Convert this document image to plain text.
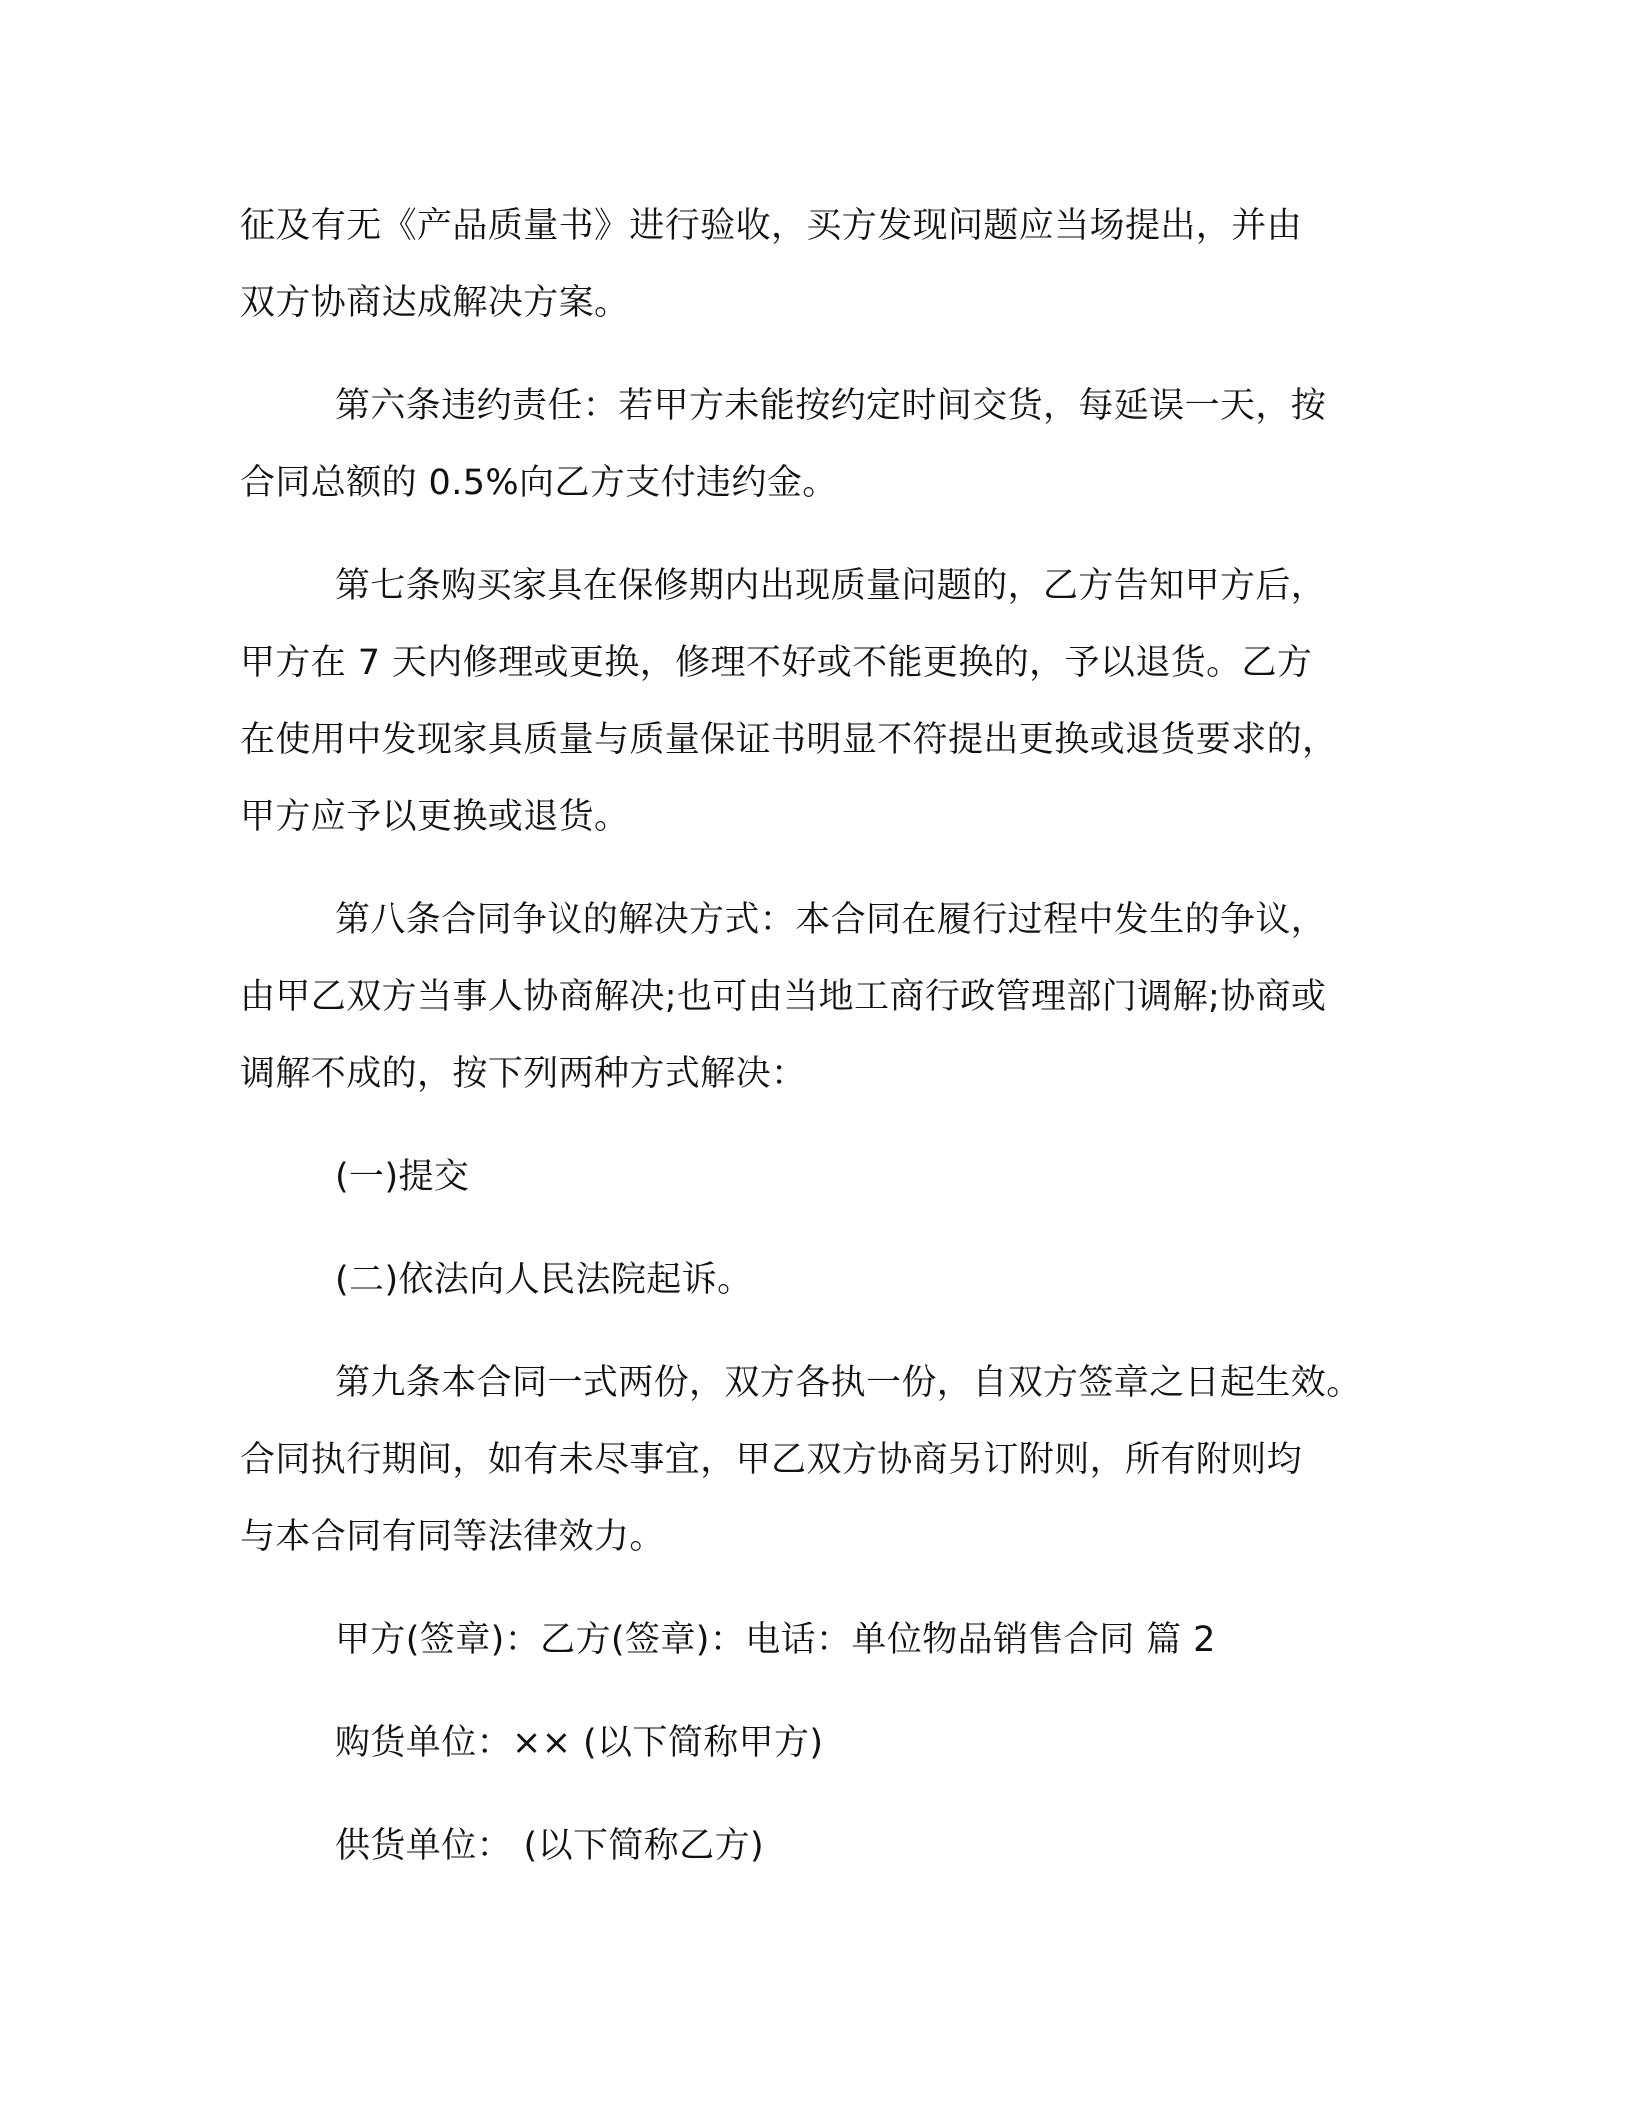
征及有无《产品质量书》进行验收，买方发现问题应当场提出，并由
双方协商达成解决方案。

第六条违约责任：若甲方未能按约定时间交货，每延误一天，按
合同总额的 0.5%向乙方支付违约金。

第七条购买家具在保修期内出现质量问题的，乙方告知甲方后，
甲方在 7 天内修理或更换，修理不好或不能更换的，予以退货。乙方
在使用中发现家具质量与质量保证书明显不符提出更换或退货要求的，
甲方应予以更换或退货。

第八条合同争议的解决方式：本合同在履行过程中发生的争议，
由甲乙双方当事人协商解决;也可由当地工商行政管理部门调解;协商或
调解不成的，按下列两种方式解决：

(一)提交

(二)依法向人民法院起诉。

第九条本合同一式两份，双方各执一份，自双方签章之日起生效。
合同执行期间，如有未尽事宜，甲乙双方协商另订附则，所有附则均
与本合同有同等法律效力。

甲方(签章)：乙方(签章)：电话：单位物品销售合同 篇 2

购货单位：×× (以下简称甲方)

供货单位： (以下简称乙方)
